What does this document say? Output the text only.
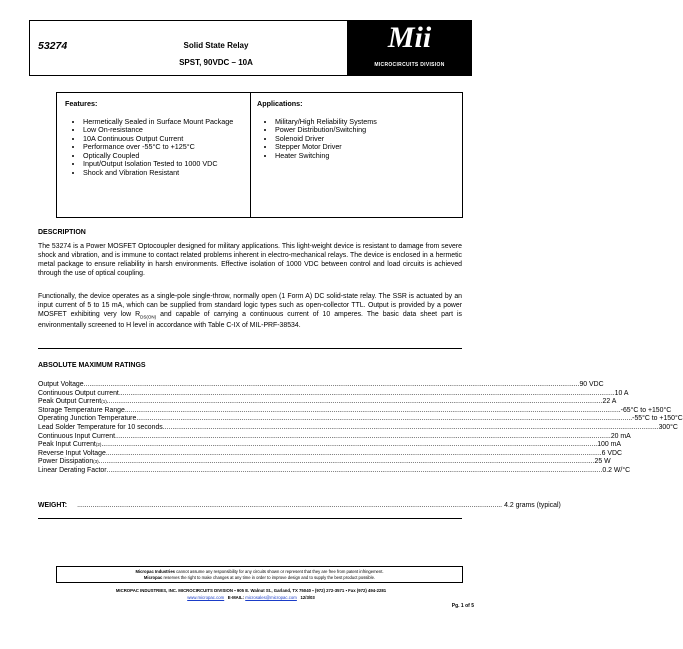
53274	Solid State Relay
SPST, 90VDC – 10A
Mii
MICROCIRCUITS DIVISION
Features:
• Hermetically Sealed in Surface Mount Package
• Low On-resistance
• 10A Continuous Output Current
• Performance over -55°C to +125°C
• Optically Coupled
• Input/Output Isolation Tested to 1000 VDC
• Shock and Vibration Resistant
Applications:
• Military/High Reliability Systems
• Power Distribution/Switching
• Solenoid Driver
• Stepper Motor Driver
• Heater Switching
DESCRIPTION
The 53274 is a Power MOSFET Optocoupler designed for military applications. This light-weight device is resistant to damage from severe shock and vibration, and is immune to contact related problems inherent in electro-mechanical relays. The device is enclosed in a hermetic metal package to ensure reliability in harsh environments. Effective isolation of 1000 VDC between control and load circuits is achieved through the use of optical coupling.
Functionally, the device operates as a single-pole single-throw, normally open (1 Form A) DC solid-state relay. The SSR is actuated by an input current of 5 to 15 mA, which can be supplied from standard logic types such as open-collector TTL. Output is provided by a power MOSFET exhibiting very low $R_{DS(ON)}$ and capable of carrying a continuous current of 10 amperes. The basic data sheet part is environmentally screened to H level in accordance with Table C-IX of MIL-PRF-38534.
ABSOLUTE MAXIMUM RATINGS
Output Voltage .....	90 VDC
Continuous Output current .....	10 A
Peak Output Current (1) .....	22 A
Storage Temperature Range .....	-65°C to +150°C
Operating Junction Temperature .....	-55°C to +150°C
Lead Solder Temperature for 10 seconds .....	300°C
Continuous Input Current .....	20 mA
Peak Input Current (2) .....	100 mA
Reverse Input Voltage .....	6 VDC
Power Dissipation (3) .....	25 W
Linear Derating Factor .....	0.2 W/°C
WEIGHT: .............................................................................................................................................................................................................................. 4.2 grams (typical)
Micropac Industries cannot assume any responsibility for any circuits shown or represent that they are free from patent infringement.
Micropac reserves the right to make changes at any time in order to improve design and to supply the best product possible.
MICROPAC INDUSTRIES, INC. MICROCIRCUITS DIVISION ▪ 905 E. Walnut St., Garland, TX 75040 ▪ (972) 272-3571 ▪ Fax (972) 494-2281
www.micropac.com E-MAIL: microsales@micropac.com 12/3/03
Pg. 1 of 5
